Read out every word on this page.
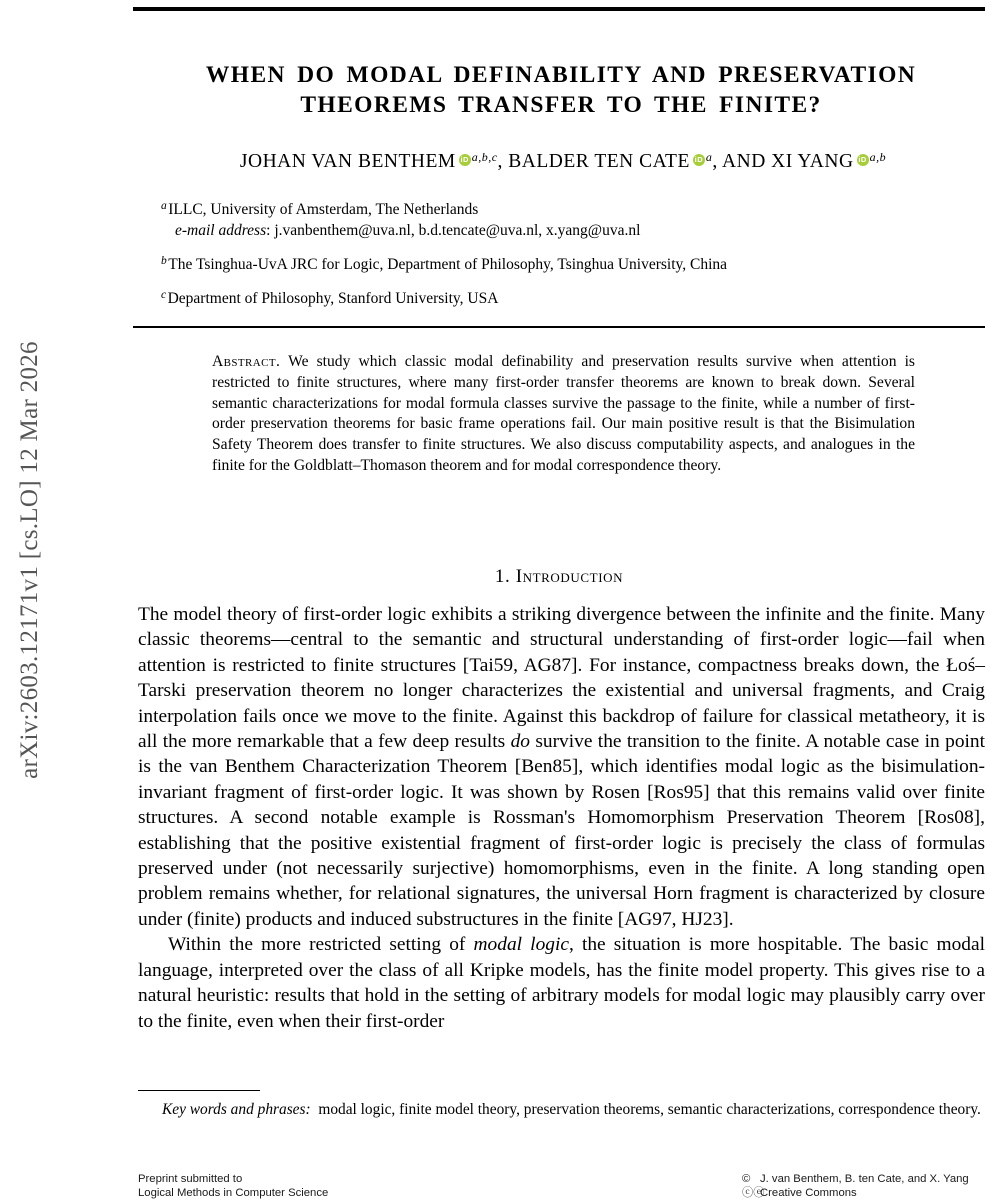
arXiv:2603.12171v1 [cs.LO] 12 Mar 2026
WHEN DO MODAL DEFINABILITY AND PRESERVATION
THEOREMS TRANSFER TO THE FINITE?
JOHAN VAN BENTHEM iD $^{a,b,c}$, BALDER TEN CATE iD $^a$, AND XI YANG iD $^{a,b}$
$^a$ILLC, University of Amsterdam, The Netherlands
e-mail address: j.vanbenthem@uva.nl, b.d.tencate@uva.nl, x.yang@uva.nl
$^b$The Tsinghua-UvA JRC for Logic, Department of Philosophy, Tsinghua University, China
$^c$Department of Philosophy, Stanford University, USA
Abstract. We study which classic modal definability and preservation results survive when attention is restricted to finite structures, where many first-order transfer theorems are known to break down. Several semantic characterizations for modal formula classes survive the passage to the finite, while a number of first-order preservation theorems for basic frame operations fail. Our main positive result is that the Bisimulation Safety Theorem does transfer to finite structures. We also discuss computability aspects, and analogues in the finite for the Goldblatt–Thomason theorem and for modal correspondence theory.
1. Introduction

The model theory of first-order logic exhibits a striking divergence between the infinite and the finite. Many classic theorems—central to the semantic and structural understanding of first-order logic—fail when attention is restricted to finite structures [Tai59, AG87]. For instance, compactness breaks down, the Łoś–Tarski preservation theorem no longer characterizes the existential and universal fragments, and Craig interpolation fails once we move to the finite. Against this backdrop of failure for classical metatheory, it is all the more remarkable that a few deep results do survive the transition to the finite. A notable case in point is the van Benthem Characterization Theorem [Ben85], which identifies modal logic as the bisimulation-invariant fragment of first-order logic. It was shown by Rosen [Ros95] that this remains valid over finite structures. A second notable example is Rossman's Homomorphism Preservation Theorem [Ros08], establishing that the positive existential fragment of first-order logic is precisely the class of formulas preserved under (not necessarily surjective) homomorphisms, even in the finite. A long standing open problem remains whether, for relational signatures, the universal Horn fragment is characterized by closure under (finite) products and induced substructures in the finite [AG97, HJ23].

Within the more restricted setting of modal logic, the situation is more hospitable. The basic modal language, interpreted over the class of all Kripke models, has the finite model property. This gives rise to a natural heuristic: results that hold in the setting of arbitrary models for modal logic may plausibly carry over to the finite, even when their first-order

Key words and phrases: modal logic, finite model theory, preservation theorems, semantic characterizations, correspondence theory.
Preprint submitted to
Logical Methods in Computer Science
© J. van Benthem, B. ten Cate, and X. Yang
ⓒⓔCreative Commons
